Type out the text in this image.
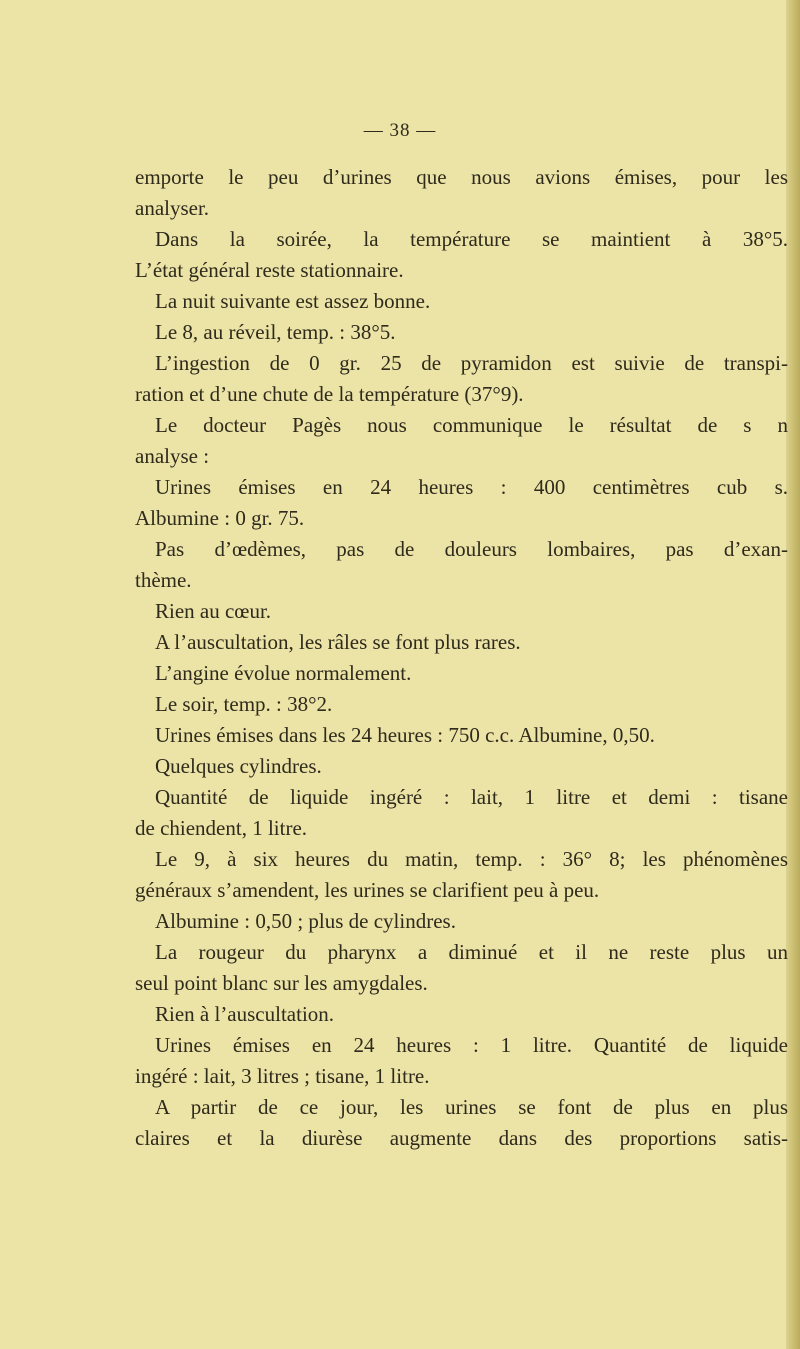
— 38 —
emporte le peu d’urines que nous avions émises, pour les
analyser.
Dans la soirée, la température se maintient à 38°5.
L’état général reste stationnaire.
La nuit suivante est assez bonne.
Le 8, au réveil, temp. : 38°5.
L’ingestion de 0 gr. 25 de pyramidon est suivie de transpi-
ration et d’une chute de la température (37°9).
Le docteur Pagès nous communique le résultat de s n
analyse :
Urines émises en 24 heures : 400 centimètres cub s.
Albumine : 0 gr. 75.
Pas d’œdèmes, pas de douleurs lombaires, pas d’exan-
thème.
Rien au cœur.
A l’auscultation, les râles se font plus rares.
L’angine évolue normalement.
Le soir, temp. : 38°2.
Urines émises dans les 24 heures : 750 c.c. Albumine, 0,50.
Quelques cylindres.
Quantité de liquide ingéré : lait, 1 litre et demi : tisane
de chiendent, 1 litre.
Le 9, à six heures du matin, temp. : 36° 8; les phénomènes
généraux s’amendent, les urines se clarifient peu à peu.
Albumine : 0,50 ; plus de cylindres.
La rougeur du pharynx a diminué et il ne reste plus un
seul point blanc sur les amygdales.
Rien à l’auscultation.
Urines émises en 24 heures : 1 litre. Quantité de liquide
ingéré : lait, 3 litres ; tisane, 1 litre.
A partir de ce jour, les urines se font de plus en plus
claires et la diurèse augmente dans des proportions satis-
